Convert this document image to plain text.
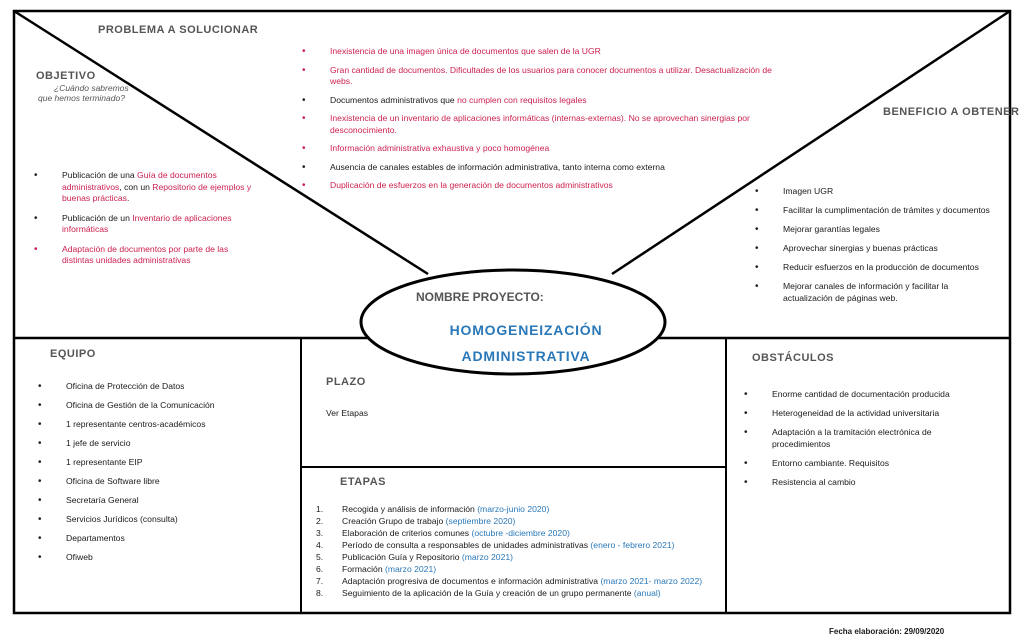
PROBLEMA A SOLUCIONAR
• Inexistencia de una imagen única de documentos que salen de la UGR
• Gran cantidad de documentos. Dificultades de los usuarios para conocer documentos a utilizar. Desactualización de webs.
• Documentos administrativos que no cumplen con requisitos legales
• Inexistencia de un inventario de aplicaciones informáticas (internas-externas). No se aprovechan sinergias por desconocimiento.
• Información administrativa exhaustiva y poco homogénea
• Ausencia de canales estables de información administrativa, tanto interna como externa
• Duplicación de esfuerzos en la generación de documentos administrativos
OBJETIVO
¿Cuándo sabremos
que hemos terminado?
• Publicación de una Guía de documentos administrativos, con un Repositorio de ejemplos y buenas prácticas.
• Publicación de un Inventario de aplicaciones informáticas
• Adaptación de documentos por parte de las distintas unidades administrativas
BENEFICIO A OBTENER
• Imagen UGR
• Facilitar la cumplimentación de trámites y documentos
• Mejorar garantías legales
• Aprovechar sinergias y buenas prácticas
• Reducir esfuerzos en la producción de documentos
• Mejorar canales de información y facilitar la actualización de páginas web.
NOMBRE PROYECTO:
HOMOGENEIZACIÓN
ADMINISTRATIVA
EQUIPO
• Oficina de Protección de Datos
• Oficina de Gestión de la Comunicación
• 1 representante centros-académicos
• 1 jefe de servicio
• 1 representante EIP
• Oficina de Software libre
• Secretaría General
• Servicios Jurídicos (consulta)
• Departamentos
• Ofiweb
PLAZO
Ver Etapas
ETAPAS
1. Recogida y análisis de información (marzo-junio 2020)
2. Creación Grupo de trabajo (septiembre 2020)
3. Elaboración de criterios comunes (octubre -diciembre 2020)
4. Período de consulta a responsables de unidades administrativas (enero - febrero 2021)
5. Publicación Guía y Repositorio (marzo 2021)
6. Formación (marzo 2021)
7. Adaptación progresiva de documentos e información administrativa (marzo 2021- marzo 2022)
8. Seguimiento de la aplicación de la Guía y creación de un grupo permanente (anual)
OBSTÁCULOS
• Enorme cantidad de documentación producida
• Heterogeneidad de la actividad universitaria
• Adaptación a la tramitación electrónica de procedimientos
• Entorno cambiante. Requisitos
• Resistencia al cambio
Fecha elaboración: 29/09/2020
